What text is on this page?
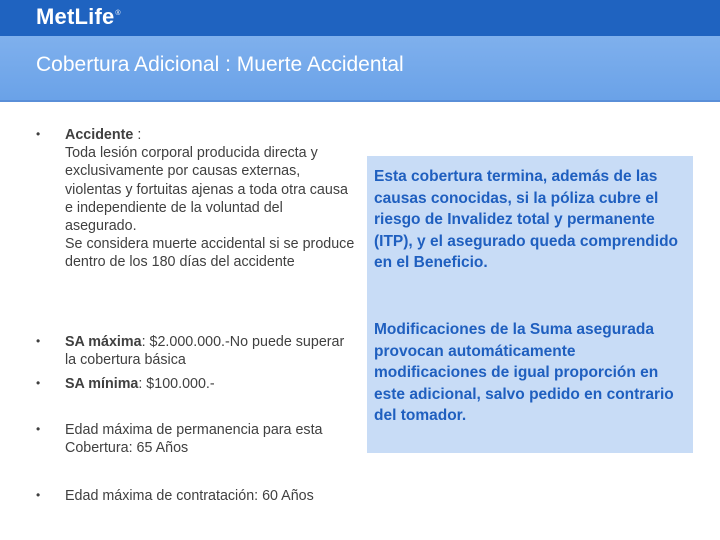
MetLife®
Cobertura Adicional : Muerte Accidental
• Accidente :
Toda lesión corporal producida directa y exclusivamente por causas externas, violentas y fortuitas ajenas a toda otra causa e independiente de la voluntad del asegurado.
Se considera muerte accidental si se produce dentro de los 180 días del accidente
• SA máxima: $2.000.000.-No puede superar la cobertura básica
• SA mínima: $100.000.-
• Edad máxima de permanencia para esta Cobertura: 65 Años
• Edad máxima de contratación: 60 Años
Esta cobertura termina, además de las causas conocidas, si la póliza cubre el riesgo de Invalidez total y permanente (ITP), y el asegurado queda comprendido en el Beneficio.
Modificaciones de la Suma asegurada provocan automáticamente modificaciones de igual proporción en este adicional, salvo pedido en contrario del tomador.
